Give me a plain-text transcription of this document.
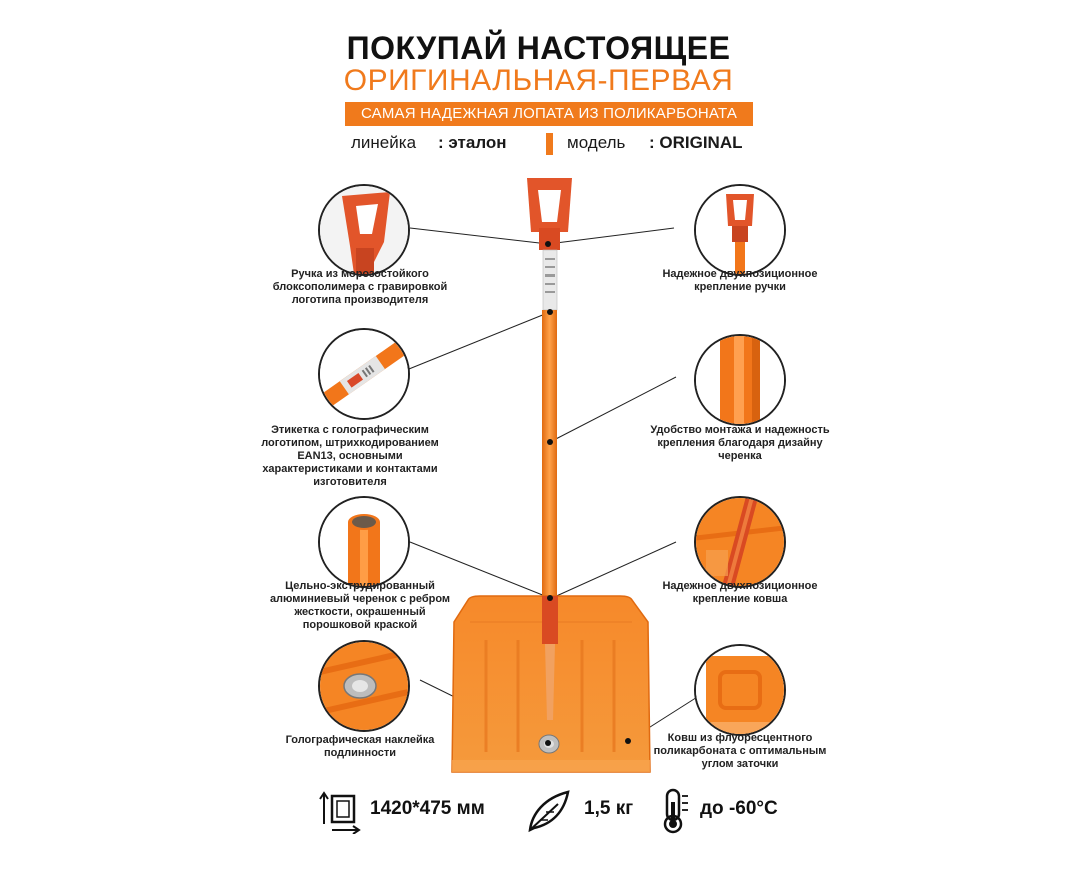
ПОКУПАЙ НАСТОЯЩЕЕ
ОРИГИНАЛЬНАЯ-ПЕРВАЯ
САМАЯ НАДЕЖНАЯ ЛОПАТА ИЗ ПОЛИКАРБОНАТА
линейка : эталон	модель : ORIGINAL
Ручка из морозостойкого блоксополимера с гравировкой логотипа производителя
Этикетка с голографическим логотипом, штрихкодированием EAN13, основными характеристиками и контактами изготовителя
Цельно-экструдированный алюминиевый черенок с ребром жесткости, окрашенный порошковой краской
Голографическая наклейка подлинности
Надежное двухпозиционное крепление ручки
Удобство монтажа и надежность крепления благодаря дизайну черенка
Надежное двухпозиционное крепление ковша
Ковш из флуоресцентного поликарбоната с оптимальным углом заточки
1420*475 мм	1,5 кг	до -60°С
